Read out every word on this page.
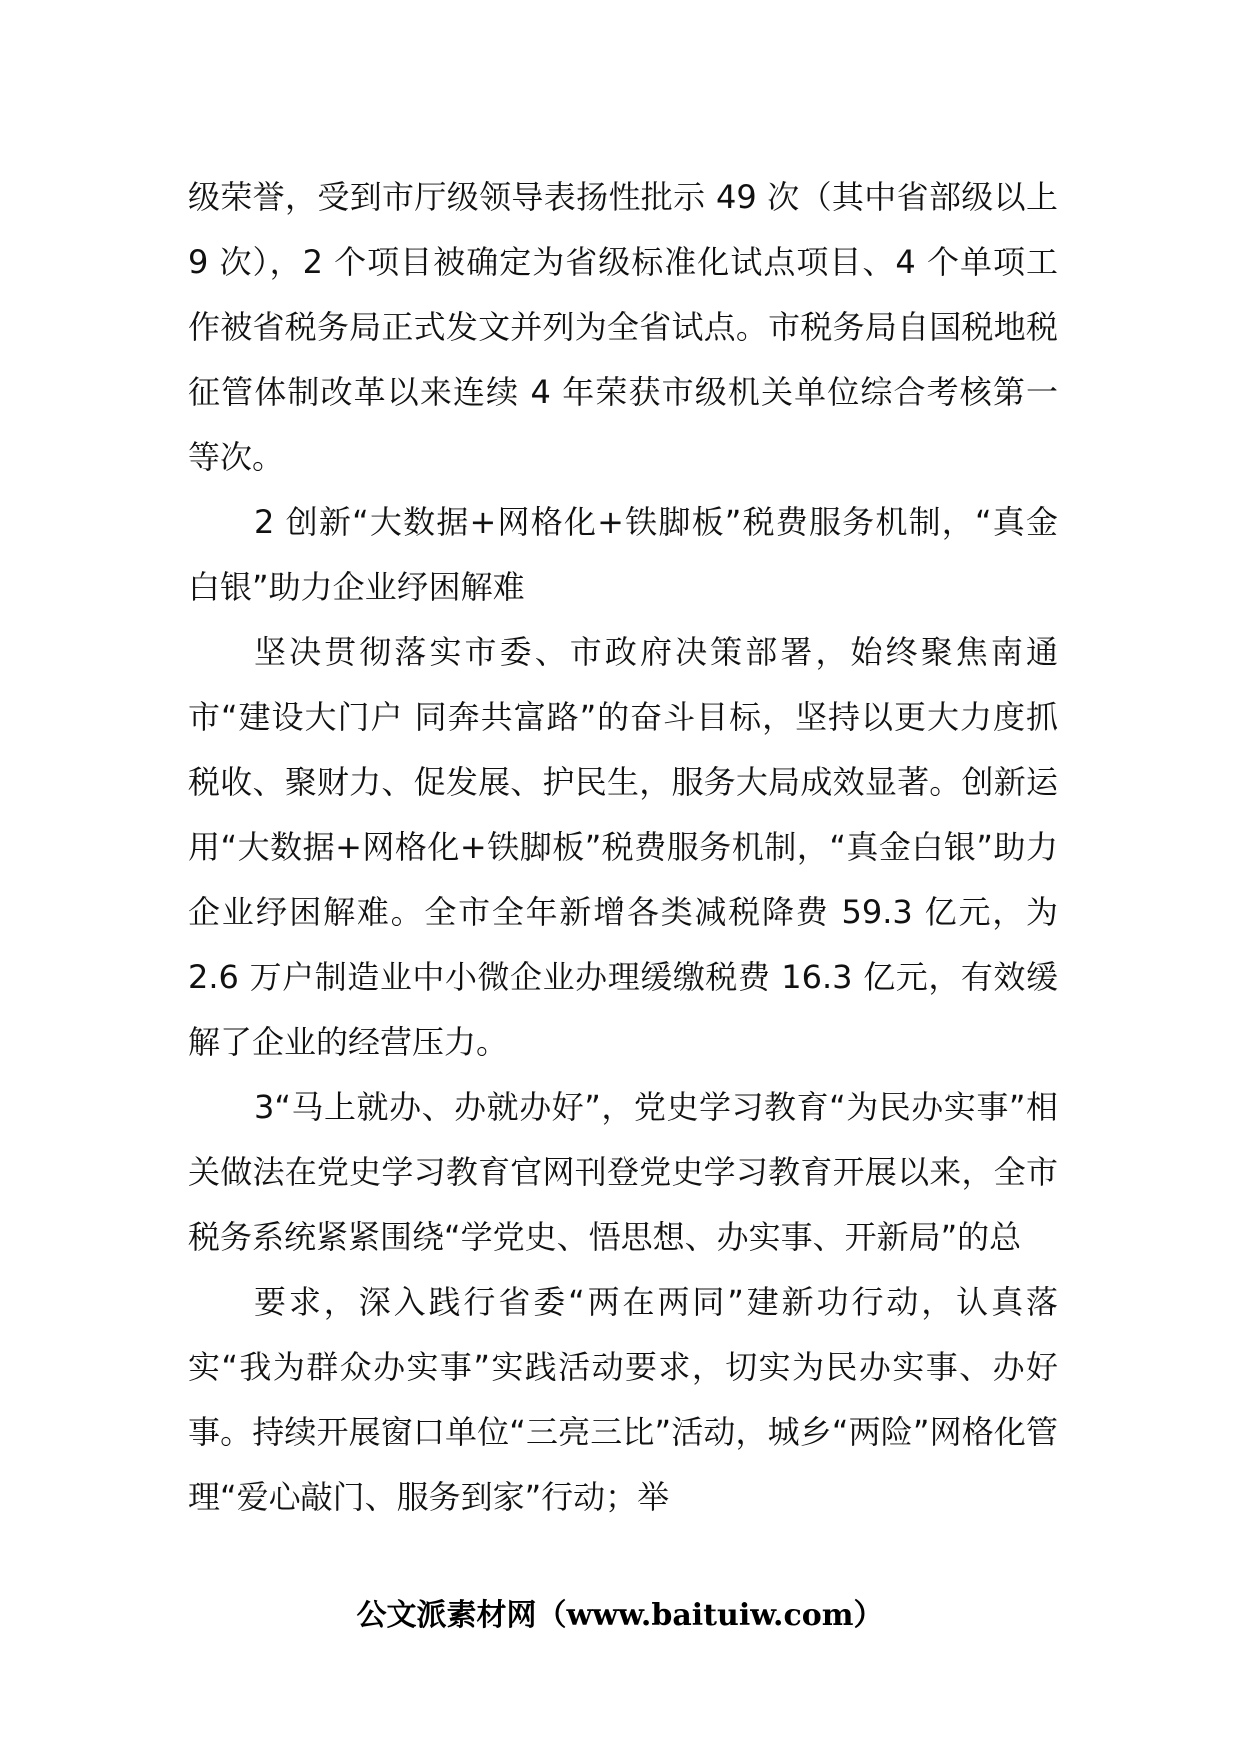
级荣誉，受到市厅级领导表扬性批示 49 次（其中省部级以上 9 次），2 个项目被确定为省级标准化试点项目、4 个单项工作被省税务局正式发文并列为全省试点。市税务局自国税地税征管体制改革以来连续 4 年荣获市级机关单位综合考核第一等次。

2 创新“大数据+网格化+铁脚板”税费服务机制，“真金白银”助力企业纾困解难

坚决贯彻落实市委、市政府决策部署，始终聚焦南通市“建设大门户 同奔共富路”的奋斗目标，坚持以更大力度抓税收、聚财力、促发展、护民生，服务大局成效显著。创新运用“大数据+网格化+铁脚板”税费服务机制，“真金白银”助力企业纾困解难。全市全年新增各类减税降费 59.3 亿元，为 2.6 万户制造业中小微企业办理缓缴税费 16.3 亿元，有效缓解了企业的经营压力。

3“马上就办、办就办好”，党史学习教育“为民办实事”相关做法在党史学习教育官网刊登党史学习教育开展以来，全市税务系统紧紧围绕“学党史、悟思想、办实事、开新局”的总

要求，深入践行省委“两在两同”建新功行动，认真落实“我为群众办实事”实践活动要求，切实为民办实事、办好事。持续开展窗口单位“三亮三比”活动，城乡“两险”网格化管理“爱心敲门、服务到家”行动；举

公文派素材网（www.baituiw.com）
